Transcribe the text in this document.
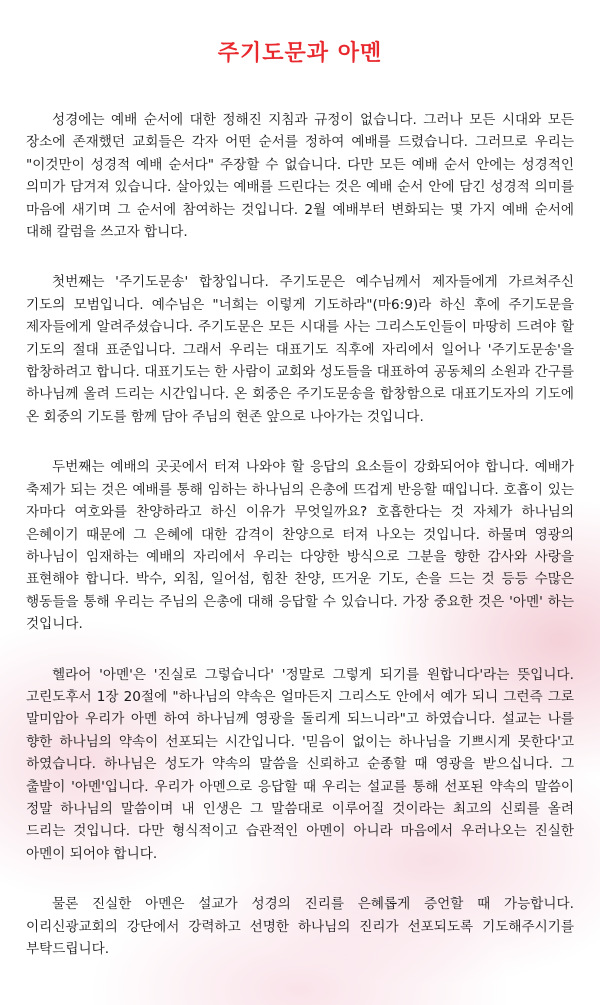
주기도문과 아멘

성경에는 예배 순서에 대한 정해진 지침과 규정이 없습니다. 그러나 모든 시대와 모든 장소에 존재했던 교회들은 각자 어떤 순서를 정하여 예배를 드렸습니다. 그러므로 우리는 "이것만이 성경적 예배 순서다" 주장할 수 없습니다. 다만 모든 예배 순서 안에는 성경적인 의미가 담겨져 있습니다. 살아있는 예배를 드린다는 것은 예배 순서 안에 담긴 성경적 의미를 마음에 새기며 그 순서에 참여하는 것입니다. 2월 예배부터 변화되는 몇 가지 예배 순서에 대해 칼럼을 쓰고자 합니다.

첫번째는 '주기도문송' 합창입니다. 주기도문은 예수님께서 제자들에게 가르쳐주신 기도의 모범입니다. 예수님은 "너희는 이렇게 기도하라"(마6:9)라 하신 후에 주기도문을 제자들에게 알려주셨습니다. 주기도문은 모든 시대를 사는 그리스도인들이 마땅히 드려야 할 기도의 절대 표준입니다. 그래서 우리는 대표기도 직후에 자리에서 일어나 '주기도문송'을 합창하려고 합니다. 대표기도는 한 사람이 교회와 성도들을 대표하여 공동체의 소원과 간구를 하나님께 올려 드리는 시간입니다. 온 회중은 주기도문송을 합창함으로 대표기도자의 기도에 온 회중의 기도를 함께 담아 주님의 현존 앞으로 나아가는 것입니다.

두번째는 예배의 곳곳에서 터져 나와야 할 응답의 요소들이 강화되어야 합니다. 예배가 축제가 되는 것은 예배를 통해 임하는 하나님의 은총에 뜨겁게 반응할 때입니다. 호흡이 있는 자마다 여호와를 찬양하라고 하신 이유가 무엇일까요? 호흡한다는 것 자체가 하나님의 은혜이기 때문에 그 은혜에 대한 감격이 찬양으로 터져 나오는 것입니다. 하물며 영광의 하나님이 임재하는 예배의 자리에서 우리는 다양한 방식으로 그분을 향한 감사와 사랑을 표현해야 합니다. 박수, 외침, 일어섬, 힘찬 찬양, 뜨거운 기도, 손을 드는 것 등등 수많은 행동들을 통해 우리는 주님의 은총에 대해 응답할 수 있습니다. 가장 중요한 것은 '아멘' 하는 것입니다.

헬라어 '아멘'은 '진실로 그렇습니다' '정말로 그렇게 되기를 원합니다'라는 뜻입니다. 고린도후서 1장 20절에 "하나님의 약속은 얼마든지 그리스도 안에서 예가 되니 그런즉 그로 말미암아 우리가 아멘 하여 하나님께 영광을 돌리게 되느니라"고 하였습니다. 설교는 나를 향한 하나님의 약속이 선포되는 시간입니다. '믿음이 없이는 하나님을 기쁘시게 못한다'고 하였습니다. 하나님은 성도가 약속의 말씀을 신뢰하고 순종할 때 영광을 받으십니다. 그 출발이 '아멘'입니다. 우리가 아멘으로 응답할 때 우리는 설교를 통해 선포된 약속의 말씀이 정말 하나님의 말씀이며 내 인생은 그 말씀대로 이루어질 것이라는 최고의 신뢰를 올려 드리는 것입니다. 다만 형식적이고 습관적인 아멘이 아니라 마음에서 우러나오는 진실한 아멘이 되어야 합니다.

물론 진실한 아멘은 설교가 성경의 진리를 은혜롭게 증언할 때 가능합니다. 이리신광교회의 강단에서 강력하고 선명한 하나님의 진리가 선포되도록 기도해주시기를 부탁드립니다.
